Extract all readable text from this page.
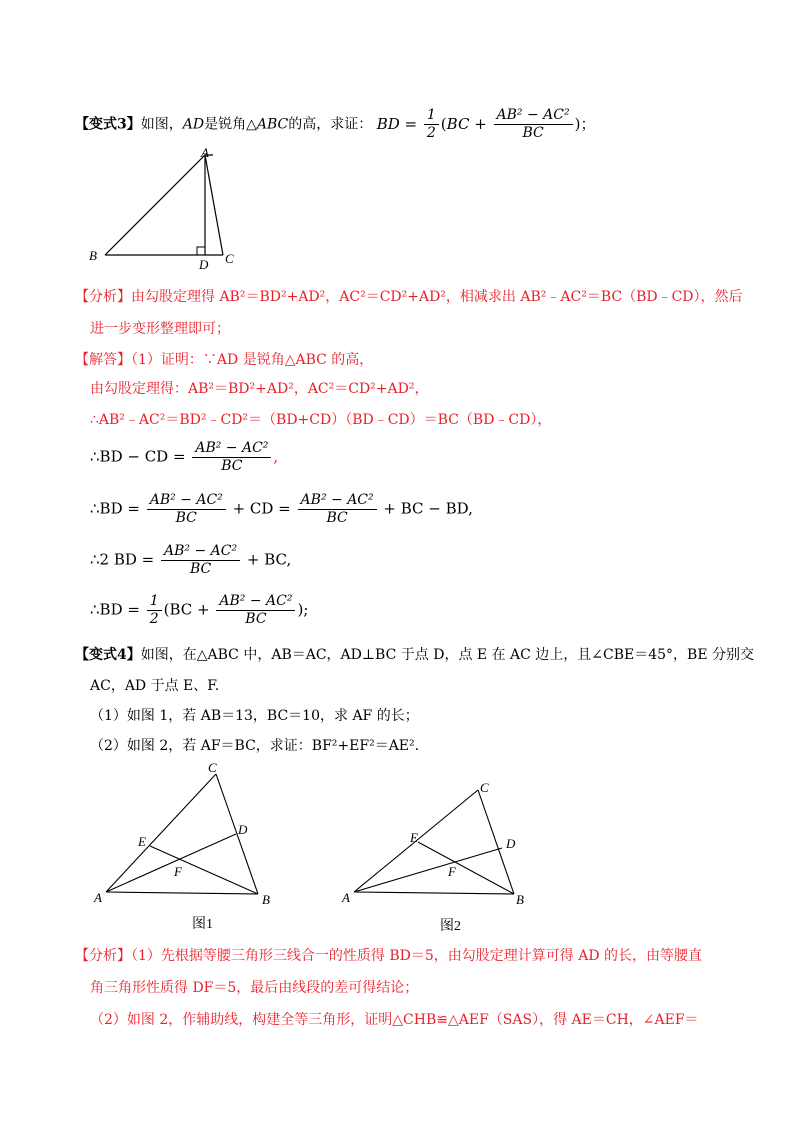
【变式3】如图，AD是锐角△ABC的高，求证： BD = $\frac{1}{2} (BC + \frac{\text{AB² − AC²}}{BC}$ )；
A
B
D C
【分析】由勾股定理得 AB²＝BD²+AD²，AC²＝CD²+AD²，相减求出 AB²﹣AC²＝BC（BD﹣CD），然后
进一步变形整理即可；
【解答】（1）证明：∵AD 是锐角△ABC 的高，
由勾股定理得：AB²＝BD²+AD²，AC²＝CD²+AD²，
∴AB²﹣AC²＝BD²﹣CD²＝（BD+CD）（BD﹣CD）＝BC（BD﹣CD），
∴BD − CD = $\frac{\text{AB² − AC²}}{BC}$ ,
∴BD = $\frac{\text{AB² − AC²}}{BC}$ + CD = $\frac{\text{AB² − AC²}}{BC}$ + BC − BD,
∴2 BD = $\frac{\text{AB² − AC²}}{BC}$ + BC,
∴BD = $\frac{1}{2} (BC + \frac{\text{AB² − AC²}}{BC}$ );
【变式4】如图，在△ABC 中，AB＝AC，AD⊥BC 于点 D，点 E 在 AC 边上，且∠CBE＝45°，BE 分别交
AC，AD 于点 E、F.
（1）如图 1，若 AB＝13，BC＝10，求 AF 的长；
（2）如图 2，若 AF＝BC，求证：BF²+EF²＝AE².
C
E
D
F
A	B
图1
C
E	D
F
A	B
图2
【分析】（1）先根据等腰三角形三线合一的性质得 BD＝5，由勾股定理计算可得 AD 的长，由等腰直
角三角形性质得 DF＝5，最后由线段的差可得结论；
（2）如图 2，作辅助线，构建全等三角形，证明△CHB≌△AEF（SAS），得 AE＝CH，∠AEF＝
